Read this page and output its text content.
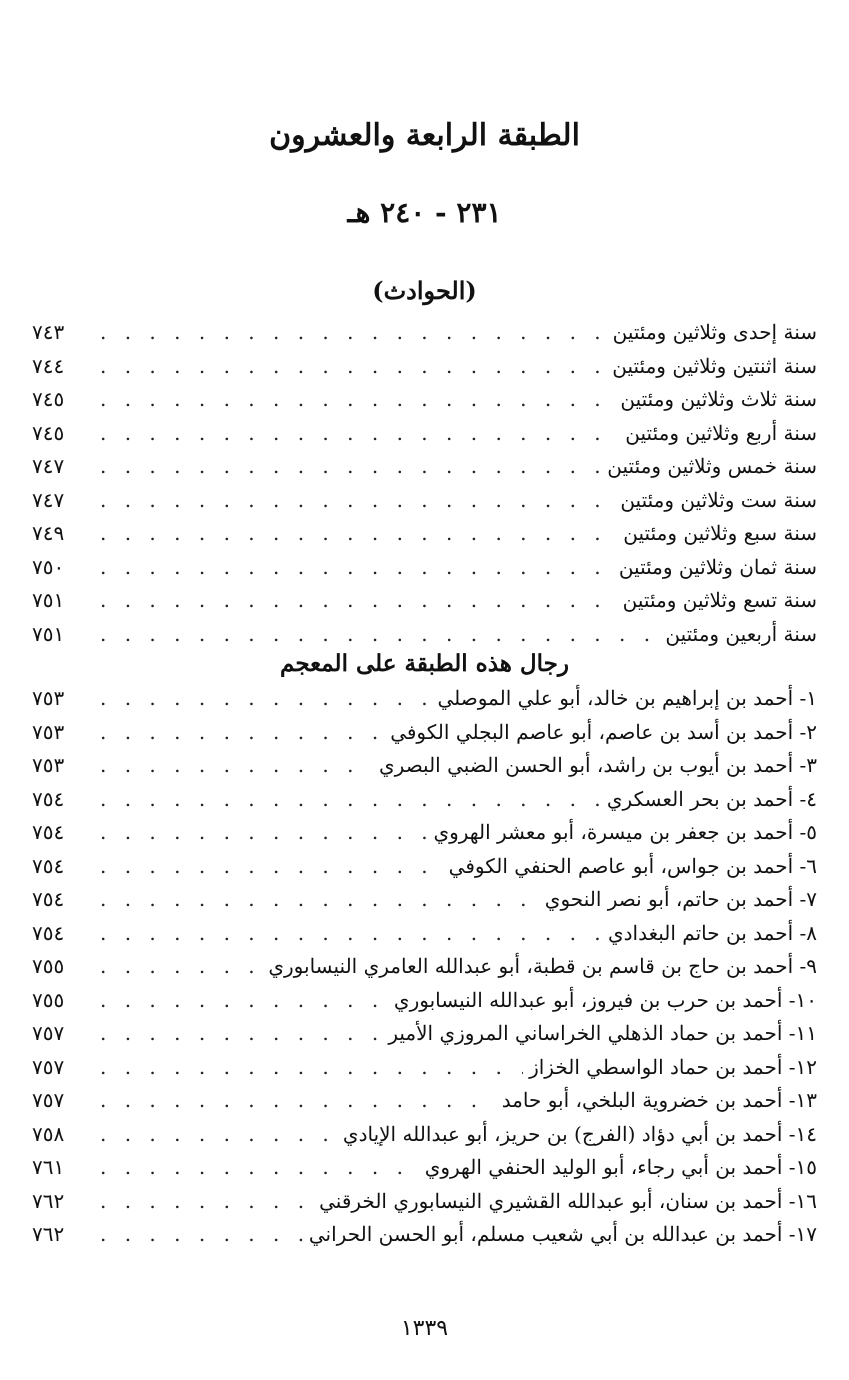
الطبقة الرابعة والعشرون
٢٣١ - ٢٤٠ هـ
(الحوادث)
سنة إحدى وثلاثين ومئتين
. . .
٧٤٣
سنة اثنتين وثلاثين ومئتين
. . .
٧٤٤
سنة ثلاث وثلاثين ومئتين
. . .
٧٤٥
سنة أربع وثلاثين ومئتين
. . .
٧٤٥
سنة خمس وثلاثين ومئتين
. . .
٧٤٧
سنة ست وثلاثين ومئتين
. . .
٧٤٧
سنة سبع وثلاثين ومئتين
. . .
٧٤٩
سنة ثمان وثلاثين ومئتين
. . .
٧٥٠
سنة تسع وثلاثين ومئتين
. . .
٧٥١
سنة أربعين ومئتين
. . .
٧٥١
رجال هذه الطبقة على المعجم
١- أحمد بن إبراهيم بن خالد، أبو علي الموصلي
. . .
٧٥٣
٢- أحمد بن أسد بن عاصم، أبو عاصم البجلي الكوفي
. . .
٧٥٣
٣- أحمد بن أيوب بن راشد، أبو الحسن الضبي البصري
. . .
٧٥٣
٤- أحمد بن بحر العسكري
. . .
٧٥٤
٥- أحمد بن جعفر بن ميسرة، أبو معشر الهروي
. . .
٧٥٤
٦- أحمد بن جواس، أبو عاصم الحنفي الكوفي
. . .
٧٥٤
٧- أحمد بن حاتم، أبو نصر النحوي
. . .
٧٥٤
٨- أحمد بن حاتم البغدادي
. . .
٧٥٤
٩- أحمد بن حاج بن قاسم بن قطبة، أبو عبدالله العامري النيسابوري
. . .
٧٥٥
١٠- أحمد بن حرب بن فيروز، أبو عبدالله النيسابوري
. . .
٧٥٥
١١- أحمد بن حماد الذهلي الخراساني المروزي الأمير
. . .
٧٥٧
١٢- أحمد بن حماد الواسطي الخزاز
. . .
٧٥٧
١٣- أحمد بن خضروية البلخي، أبو حامد
. . .
٧٥٧
١٤- أحمد بن أبي دؤاد (الفرج) بن حريز، أبو عبدالله الإيادي
. . .
٧٥٨
١٥- أحمد بن أبي رجاء، أبو الوليد الحنفي الهروي
. . .
٧٦١
١٦- أحمد بن سنان، أبو عبدالله القشيري النيسابوري الخرقني
. . .
٧٦٢
١٧- أحمد بن عبدالله بن أبي شعيب مسلم، أبو الحسن الحراني
. . .
٧٦٢
١٣٣٩
